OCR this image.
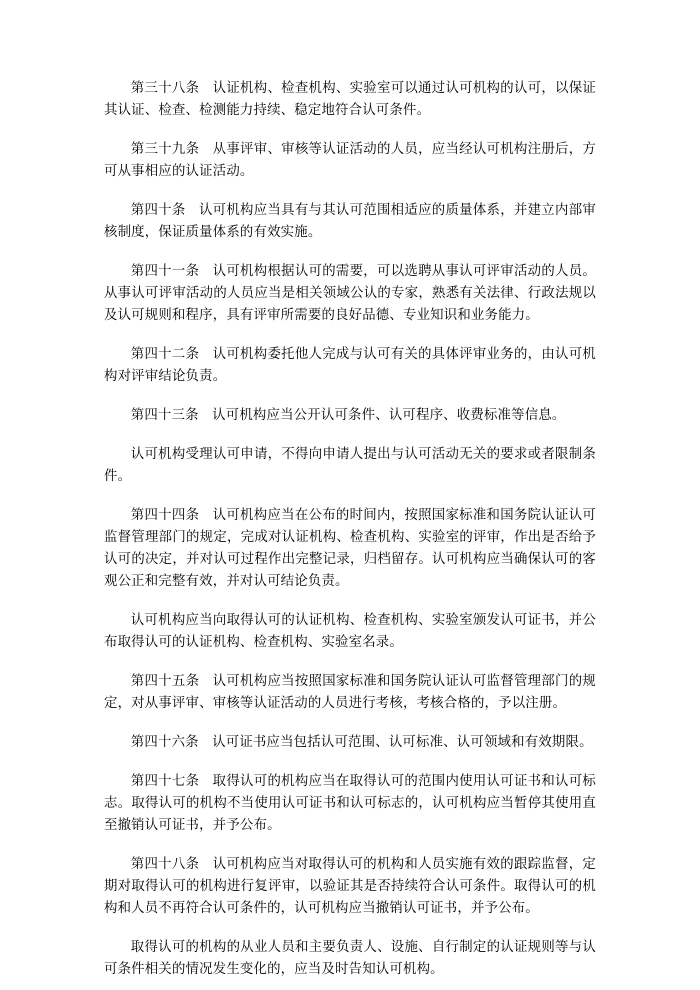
第三十八条 认证机构、检查机构、实验室可以通过认可机构的认可，以保证其认证、检查、检测能力持续、稳定地符合认可条件。

第三十九条 从事评审、审核等认证活动的人员，应当经认可机构注册后，方可从事相应的认证活动。

第四十条 认可机构应当具有与其认可范围相适应的质量体系，并建立内部审核制度，保证质量体系的有效实施。

第四十一条 认可机构根据认可的需要，可以选聘从事认可评审活动的人员。从事认可评审活动的人员应当是相关领域公认的专家，熟悉有关法律、行政法规以及认可规则和程序，具有评审所需要的良好品德、专业知识和业务能力。

第四十二条 认可机构委托他人完成与认可有关的具体评审业务的，由认可机构对评审结论负责。

第四十三条 认可机构应当公开认可条件、认可程序、收费标准等信息。

认可机构受理认可申请，不得向申请人提出与认可活动无关的要求或者限制条件。

第四十四条 认可机构应当在公布的时间内，按照国家标准和国务院认证认可监督管理部门的规定，完成对认证机构、检查机构、实验室的评审，作出是否给予认可的决定，并对认可过程作出完整记录，归档留存。认可机构应当确保认可的客观公正和完整有效，并对认可结论负责。

认可机构应当向取得认可的认证机构、检查机构、实验室颁发认可证书，并公布取得认可的认证机构、检查机构、实验室名录。

第四十五条 认可机构应当按照国家标准和国务院认证认可监督管理部门的规定，对从事评审、审核等认证活动的人员进行考核，考核合格的，予以注册。

第四十六条 认可证书应当包括认可范围、认可标准、认可领域和有效期限。

第四十七条 取得认可的机构应当在取得认可的范围内使用认可证书和认可标志。取得认可的机构不当使用认可证书和认可标志的，认可机构应当暂停其使用直至撤销认可证书，并予公布。

第四十八条 认可机构应当对取得认可的机构和人员实施有效的跟踪监督，定期对取得认可的机构进行复评审，以验证其是否持续符合认可条件。取得认可的机构和人员不再符合认可条件的，认可机构应当撤销认可证书，并予公布。

取得认可的机构的从业人员和主要负责人、设施、自行制定的认证规则等与认可条件相关的情况发生变化的，应当及时告知认可机构。
